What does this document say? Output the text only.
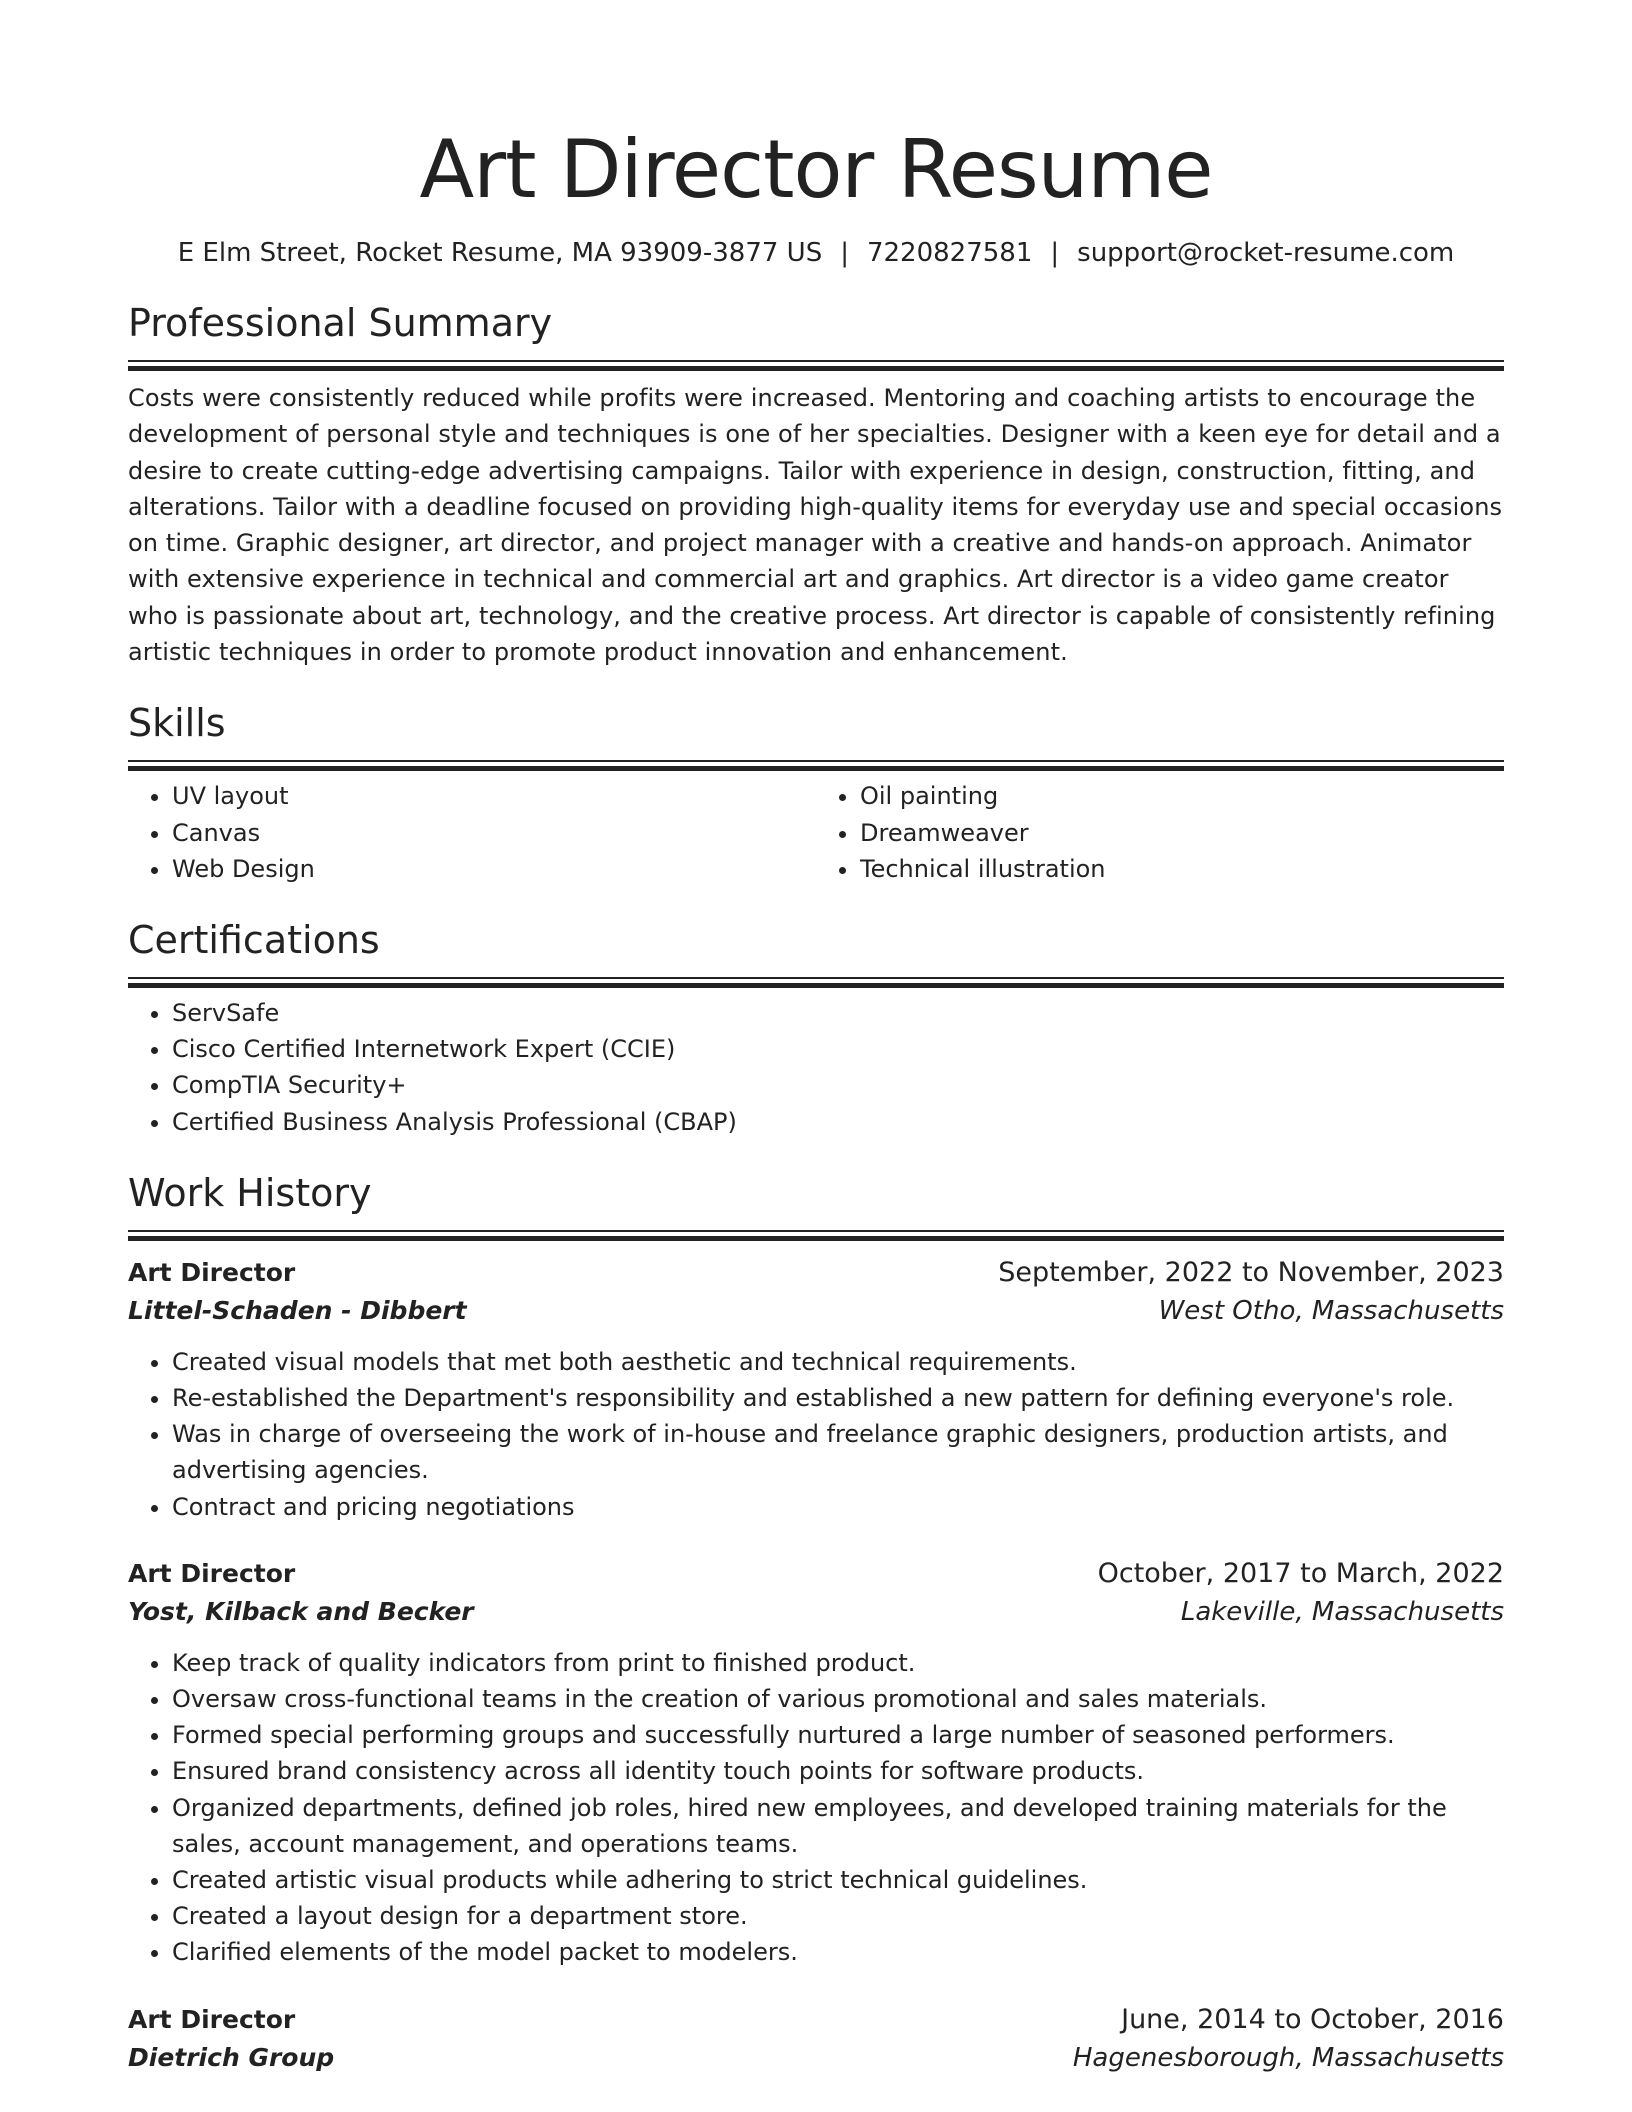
Art Director Resume
E Elm Street, Rocket Resume, MA 93909-3877 US | 7220827581 | support@rocket-resume.com
Professional Summary
Costs were consistently reduced while profits were increased. Mentoring and coaching artists to encourage the development of personal style and techniques is one of her specialties. Designer with a keen eye for detail and a desire to create cutting-edge advertising campaigns. Tailor with experience in design, construction, fitting, and alterations. Tailor with a deadline focused on providing high-quality items for everyday use and special occasions on time. Graphic designer, art director, and project manager with a creative and hands-on approach. Animator with extensive experience in technical and commercial art and graphics. Art director is a video game creator who is passionate about art, technology, and the creative process. Art director is capable of consistently refining artistic techniques in order to promote product innovation and enhancement.
Skills
• UV layout
• Canvas
• Web Design
• Oil painting
• Dreamweaver
• Technical illustration
Certifications
• ServSafe
• Cisco Certified Internetwork Expert (CCIE)
• CompTIA Security+
• Certified Business Analysis Professional (CBAP)
Work History
Art Director	September, 2022 to November, 2023
Littel-Schaden - Dibbert	West Otho, Massachusetts
• Created visual models that met both aesthetic and technical requirements.
• Re-established the Department's responsibility and established a new pattern for defining everyone's role.
• Was in charge of overseeing the work of in-house and freelance graphic designers, production artists, and advertising agencies.
• Contract and pricing negotiations
Art Director	October, 2017 to March, 2022
Yost, Kilback and Becker	Lakeville, Massachusetts
• Keep track of quality indicators from print to finished product.
• Oversaw cross-functional teams in the creation of various promotional and sales materials.
• Formed special performing groups and successfully nurtured a large number of seasoned performers.
• Ensured brand consistency across all identity touch points for software products.
• Organized departments, defined job roles, hired new employees, and developed training materials for the sales, account management, and operations teams.
• Created artistic visual products while adhering to strict technical guidelines.
• Created a layout design for a department store.
• Clarified elements of the model packet to modelers.
Art Director	June, 2014 to October, 2016
Dietrich Group	Hagenesborough, Massachusetts
